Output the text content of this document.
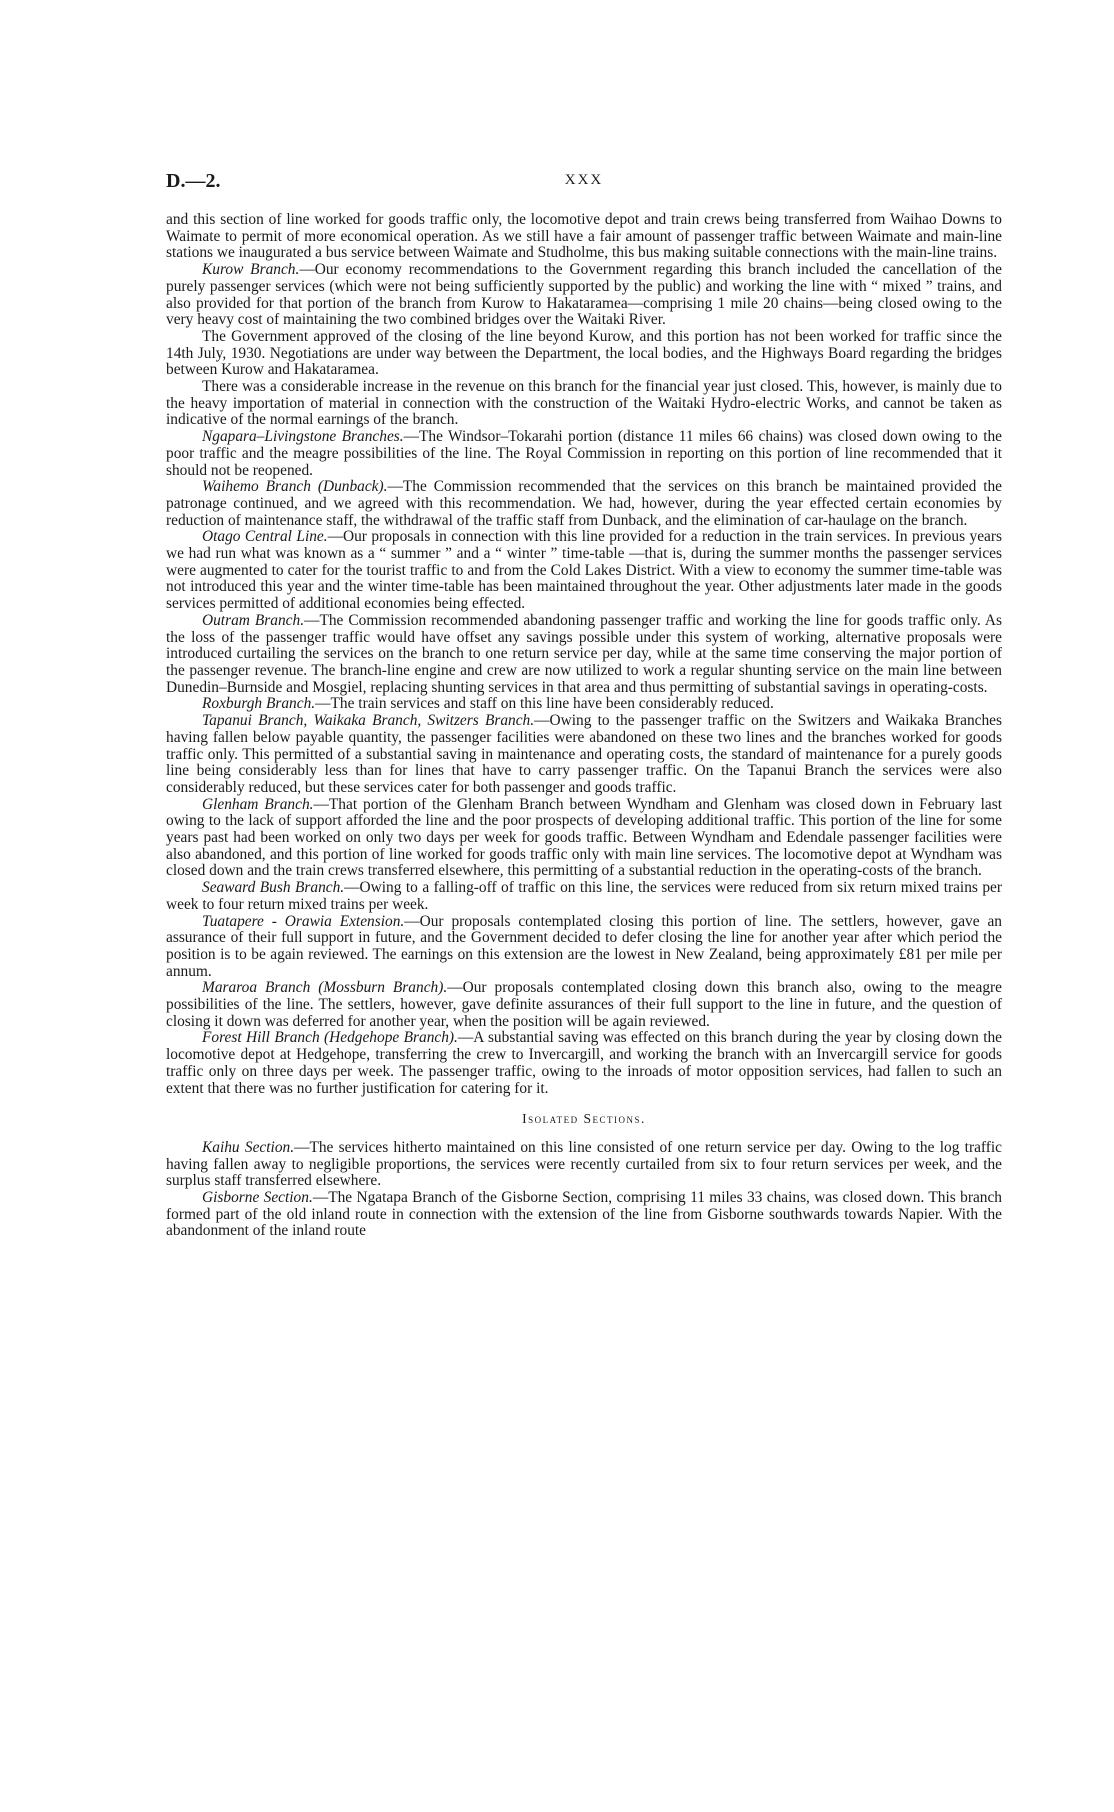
D.—2.	XXX

and this section of line worked for goods traffic only, the locomotive depot and train crews being transferred from Waihao Downs to Waimate to permit of more economical operation. As we still have a fair amount of passenger traffic between Waimate and main-line stations we inaugurated a bus service between Waimate and Studholme, this bus making suitable connections with the main-line trains.

Kurow Branch.—Our economy recommendations to the Government regarding this branch included the cancellation of the purely passenger services (which were not being sufficiently supported by the public) and working the line with “ mixed ” trains, and also provided for that portion of the branch from Kurow to Hakataramea—comprising 1 mile 20 chains—being closed owing to the very heavy cost of maintaining the two combined bridges over the Waitaki River.

The Government approved of the closing of the line beyond Kurow, and this portion has not been worked for traffic since the 14th July, 1930. Negotiations are under way between the Department, the local bodies, and the Highways Board regarding the bridges between Kurow and Hakataramea.

There was a considerable increase in the revenue on this branch for the financial year just closed. This, however, is mainly due to the heavy importation of material in connection with the construction of the Waitaki Hydro-electric Works, and cannot be taken as indicative of the normal earnings of the branch.

Ngapara–Livingstone Branches.—The Windsor–Tokarahi portion (distance 11 miles 66 chains) was closed down owing to the poor traffic and the meagre possibilities of the line. The Royal Commission in reporting on this portion of line recommended that it should not be reopened.

Waihemo Branch (Dunback).—The Commission recommended that the services on this branch be maintained provided the patronage continued, and we agreed with this recommendation. We had, however, during the year effected certain economies by reduction of maintenance staff, the withdrawal of the traffic staff from Dunback, and the elimination of car-haulage on the branch.

Otago Central Line.—Our proposals in connection with this line provided for a reduction in the train services. In previous years we had run what was known as a “ summer ” and a “ winter ” time-table —that is, during the summer months the passenger services were augmented to cater for the tourist traffic to and from the Cold Lakes District. With a view to economy the summer time-table was not introduced this year and the winter time-table has been maintained throughout the year. Other adjustments later made in the goods services permitted of additional economies being effected.

Outram Branch.—The Commission recommended abandoning passenger traffic and working the line for goods traffic only. As the loss of the passenger traffic would have offset any savings possible under this system of working, alternative proposals were introduced curtailing the services on the branch to one return service per day, while at the same time conserving the major portion of the passenger revenue. The branch-line engine and crew are now utilized to work a regular shunting service on the main line between Dunedin–Burnside and Mosgiel, replacing shunting services in that area and thus permitting of substantial savings in operating-costs.

Roxburgh Branch.—The train services and staff on this line have been considerably reduced.

Tapanui Branch, Waikaka Branch, Switzers Branch.—Owing to the passenger traffic on the Switzers and Waikaka Branches having fallen below payable quantity, the passenger facilities were abandoned on these two lines and the branches worked for goods traffic only. This permitted of a substantial saving in maintenance and operating costs, the standard of maintenance for a purely goods line being considerably less than for lines that have to carry passenger traffic. On the Tapanui Branch the services were also considerably reduced, but these services cater for both passenger and goods traffic.

Glenham Branch.—That portion of the Glenham Branch between Wyndham and Glenham was closed down in February last owing to the lack of support afforded the line and the poor prospects of developing additional traffic. This portion of the line for some years past had been worked on only two days per week for goods traffic. Between Wyndham and Edendale passenger facilities were also abandoned, and this portion of line worked for goods traffic only with main line services. The locomotive depot at Wyndham was closed down and the train crews transferred elsewhere, this permitting of a substantial reduction in the operating-costs of the branch.

Seaward Bush Branch.—Owing to a falling-off of traffic on this line, the services were reduced from six return mixed trains per week to four return mixed trains per week.

Tuatapere - Orawia Extension.—Our proposals contemplated closing this portion of line. The settlers, however, gave an assurance of their full support in future, and the Government decided to defer closing the line for another year after which period the position is to be again reviewed. The earnings on this extension are the lowest in New Zealand, being approximately £81 per mile per annum.

Mararoa Branch (Mossburn Branch).—Our proposals contemplated closing down this branch also, owing to the meagre possibilities of the line. The settlers, however, gave definite assurances of their full support to the line in future, and the question of closing it down was deferred for another year, when the position will be again reviewed.

Forest Hill Branch (Hedgehope Branch).—A substantial saving was effected on this branch during the year by closing down the locomotive depot at Hedgehope, transferring the crew to Invercargill, and working the branch with an Invercargill service for goods traffic only on three days per week. The passenger traffic, owing to the inroads of motor opposition services, had fallen to such an extent that there was no further justification for catering for it.

Isolated Sections.

Kaihu Section.—The services hitherto maintained on this line consisted of one return service per day. Owing to the log traffic having fallen away to negligible proportions, the services were recently curtailed from six to four return services per week, and the surplus staff transferred elsewhere.

Gisborne Section.—The Ngatapa Branch of the Gisborne Section, comprising 11 miles 33 chains, was closed down. This branch formed part of the old inland route in connection with the extension of the line from Gisborne southwards towards Napier. With the abandonment of the inland route
